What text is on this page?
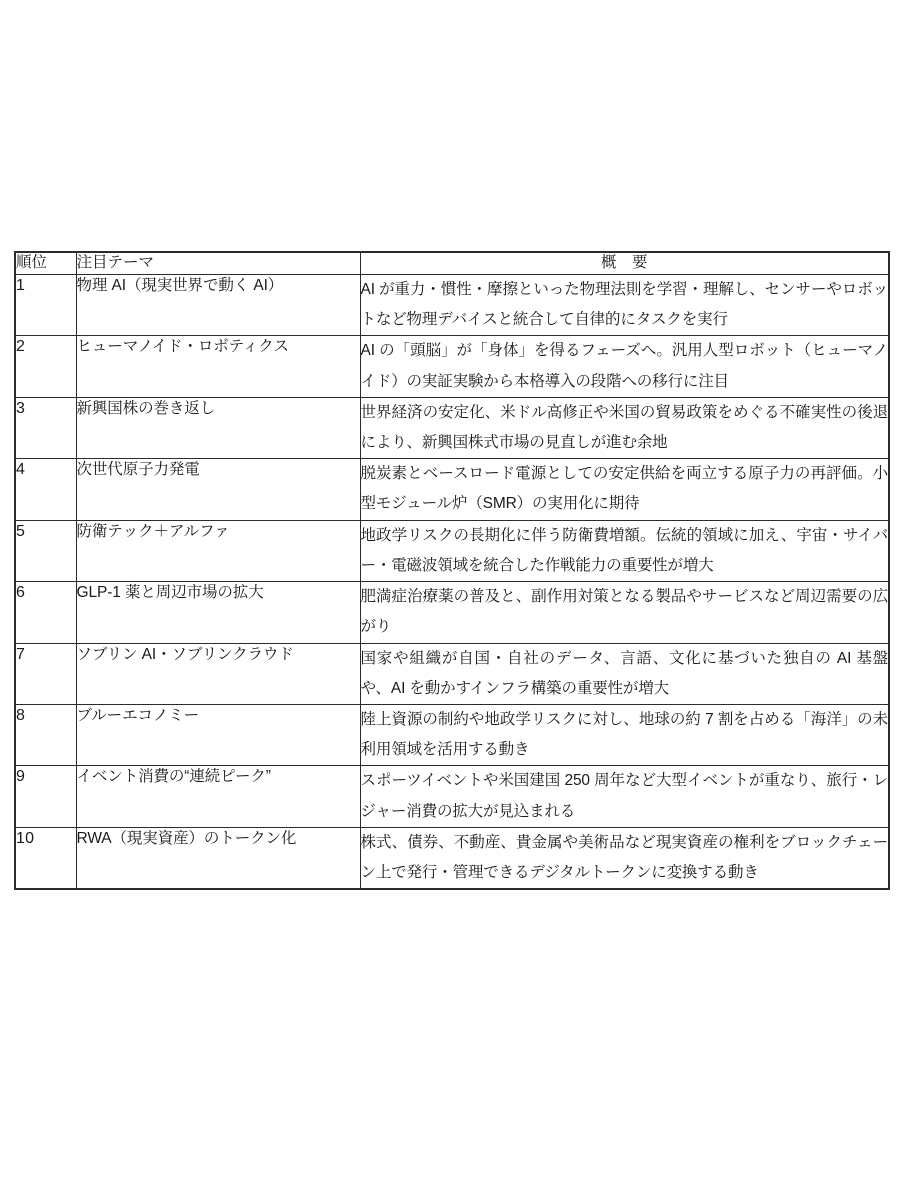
順位	注目テーマ	概　要
1	物理 AI（現実世界で動く AI）	AI が重力・慣性・摩擦といった物理法則を学習・理解し、センサーやロボットなど物理デバイスと統合して自律的にタスクを実行
2	ヒューマノイド・ロボティクス	AI の「頭脳」が「身体」を得るフェーズへ。汎用人型ロボット（ヒューマノイド）の実証実験から本格導入の段階への移行に注目
3	新興国株の巻き返し	世界経済の安定化、米ドル高修正や米国の貿易政策をめぐる不確実性の後退により、新興国株式市場の見直しが進む余地
4	次世代原子力発電	脱炭素とベースロード電源としての安定供給を両立する原子力の再評価。小型モジュール炉（SMR）の実用化に期待
5	防衛テック＋アルファ	地政学リスクの長期化に伴う防衛費増額。伝統的領域に加え、宇宙・サイバー・電磁波領域を統合した作戦能力の重要性が増大
6	GLP-1 薬と周辺市場の拡大	肥満症治療薬の普及と、副作用対策となる製品やサービスなど周辺需要の広がり
7	ソブリン AI・ソブリンクラウド	国家や組織が自国・自社のデータ、言語、文化に基づいた独自の AI 基盤や、AI を動かすインフラ構築の重要性が増大
8	ブルーエコノミー	陸上資源の制約や地政学リスクに対し、地球の約 7 割を占める「海洋」の未利用領域を活用する動き
9	イベント消費の“連続ピーク”	スポーツイベントや米国建国 250 周年など大型イベントが重なり、旅行・レジャー消費の拡大が見込まれる
10	RWA（現実資産）のトークン化	株式、債券、不動産、貴金属や美術品など現実資産の権利をブロックチェーン上で発行・管理できるデジタルトークンに変換する動き
